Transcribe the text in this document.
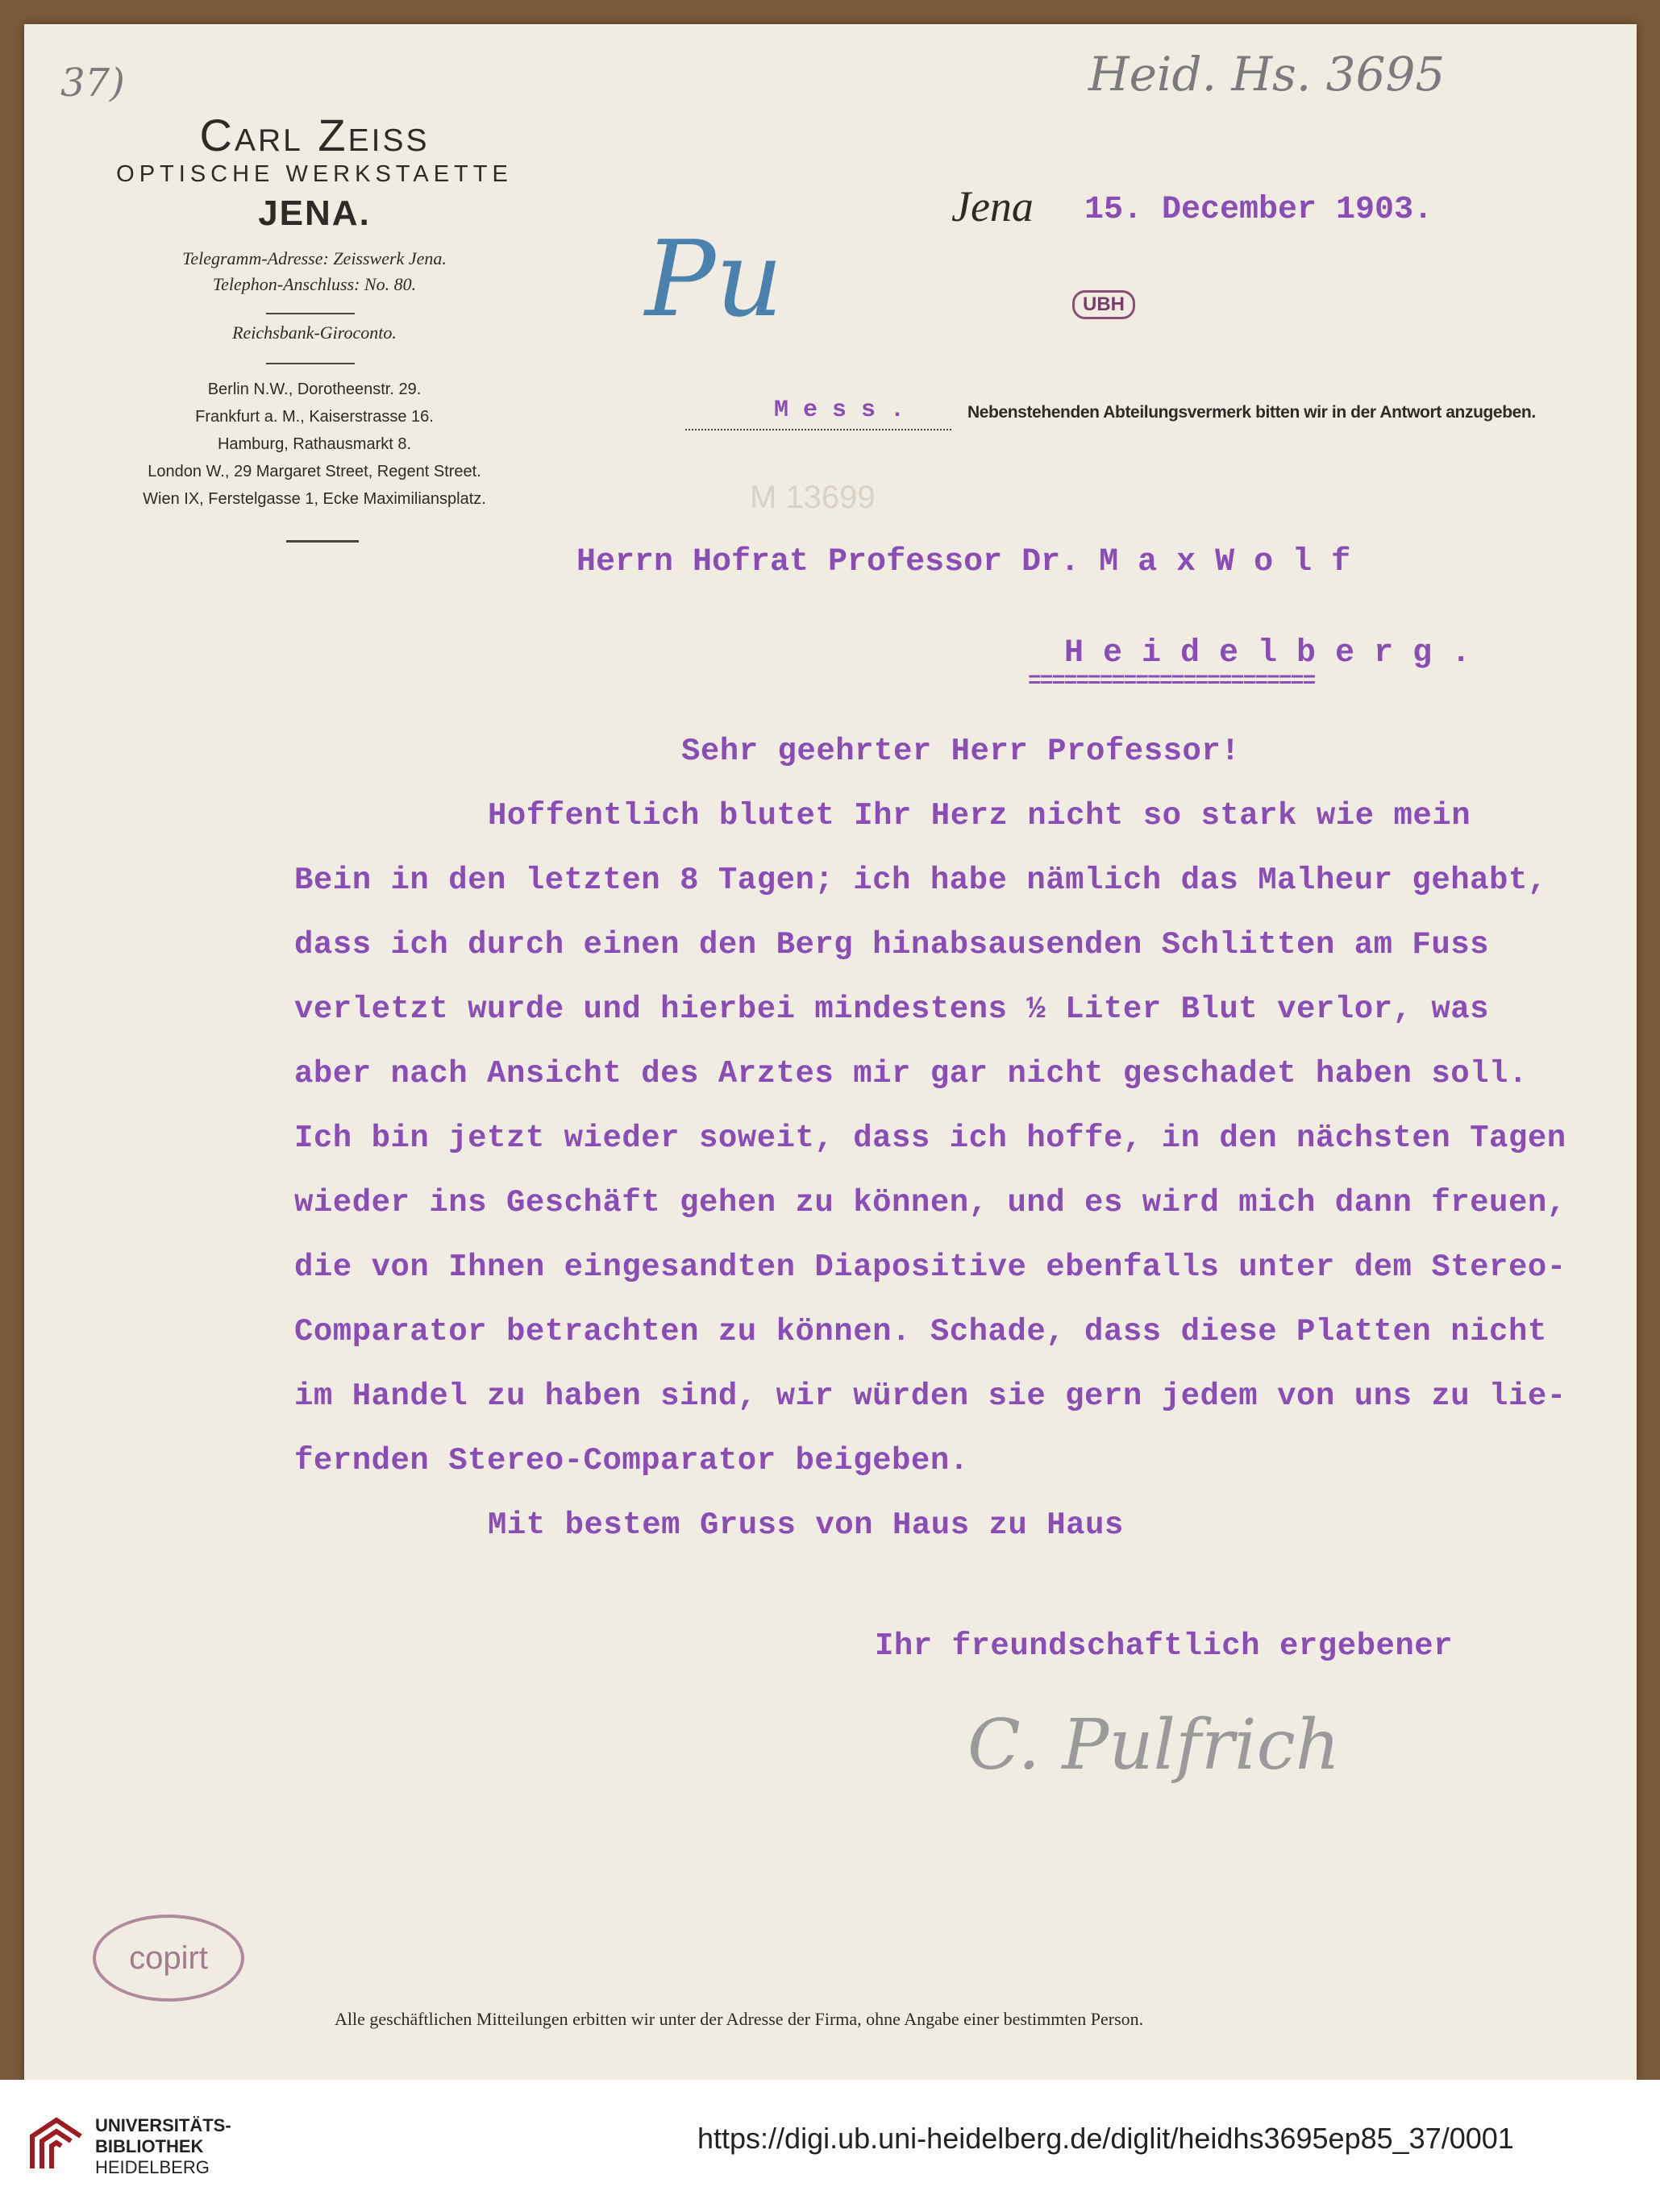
37)	Heid. Hs. 3695
Pu
Carl Zeiss
OPTISCHE WERKSTAETTE
JENA.
Telegramm-Adresse: Zeisswerk Jena.
Telephon-Anschluss: No. 80.
Reichsbank-Giroconto.
Berlin N.W., Dorotheenstr. 29.
Frankfurt a. M., Kaiserstrasse 16.
Hamburg, Rathausmarkt 8.
London W., 29 Margaret Street, Regent Street.
Wien IX, Ferstelgasse 1, Ecke Maximiliansplatz.
Jena 15. December 1903.
UBH
M e s s .	Nebenstehenden Abteilungsvermerk bitten wir in der Antwort anzugeben.
M 13699
Herrn Hofrat Professor Dr. M a x W o l f
H e i d e l b e r g .
========================
Sehr geehrter Herr Professor!
Hoffentlich blutet Ihr Herz nicht so stark wie mein
Bein in den letzten 8 Tagen; ich habe nämlich das Malheur gehabt,
dass ich durch einen den Berg hinabsausenden Schlitten am Fuss
verletzt wurde und hierbei mindestens ½ Liter Blut verlor, was
aber nach Ansicht des Arztes mir gar nicht geschadet haben soll.
Ich bin jetzt wieder soweit, dass ich hoffe, in den nächsten Tagen
wieder ins Geschäft gehen zu können, und es wird mich dann freuen,
die von Ihnen eingesandten Diapositive ebenfalls unter dem Stereo-
Comparator betrachten zu können. Schade, dass diese Platten nicht
im Handel zu haben sind, wir würden sie gern jedem von uns zu lie-
fernden Stereo-Comparator beigeben.
Mit bestem Gruss von Haus zu Haus
Ihr freundschaftlich ergebener
C. Pulfrich
copirt
Alle geschäftlichen Mitteilungen erbitten wir unter der Adresse der Firma, ohne Angabe einer bestimmten Person.
UNIVERSITÄTS-
BIBLIOTHEK
HEIDELBERG
https://digi.ub.uni-heidelberg.de/diglit/heidhs3695ep85_37/0001
